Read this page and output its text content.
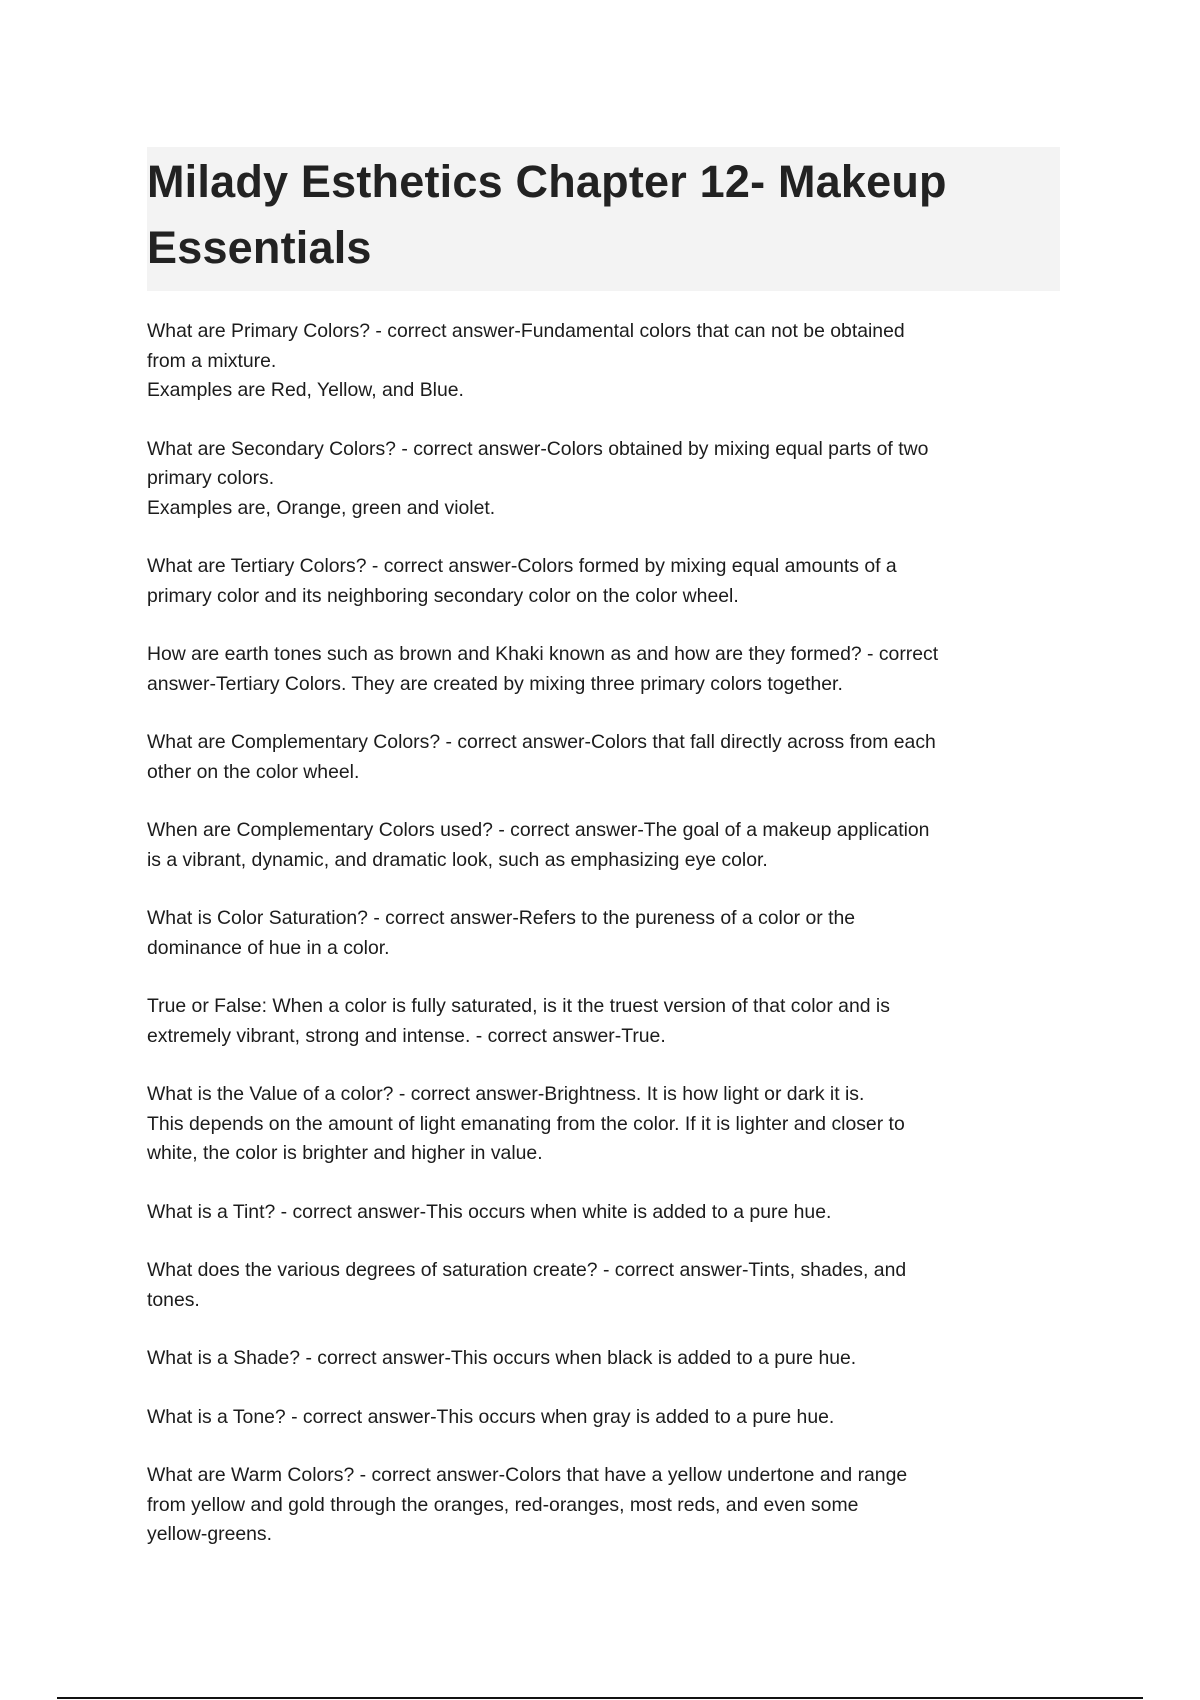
Milady Esthetics Chapter 12- Makeup Essentials

What are Primary Colors? - correct answer-Fundamental colors that can not be obtained
from a mixture.
Examples are Red, Yellow, and Blue.

What are Secondary Colors? - correct answer-Colors obtained by mixing equal parts of two
primary colors.
Examples are, Orange, green and violet.

What are Tertiary Colors? - correct answer-Colors formed by mixing equal amounts of a
primary color and its neighboring secondary color on the color wheel.

How are earth tones such as brown and Khaki known as and how are they formed? - correct
answer-Tertiary Colors. They are created by mixing three primary colors together.

What are Complementary Colors? - correct answer-Colors that fall directly across from each
other on the color wheel.

When are Complementary Colors used? - correct answer-The goal of a makeup application
is a vibrant, dynamic, and dramatic look, such as emphasizing eye color.

What is Color Saturation? - correct answer-Refers to the pureness of a color or the
dominance of hue in a color.

True or False: When a color is fully saturated, is it the truest version of that color and is
extremely vibrant, strong and intense. - correct answer-True.

What is the Value of a color? - correct answer-Brightness. It is how light or dark it is.
This depends on the amount of light emanating from the color. If it is lighter and closer to
white, the color is brighter and higher in value.

What is a Tint? - correct answer-This occurs when white is added to a pure hue.

What does the various degrees of saturation create? - correct answer-Tints, shades, and
tones.

What is a Shade? - correct answer-This occurs when black is added to a pure hue.

What is a Tone? - correct answer-This occurs when gray is added to a pure hue.

What are Warm Colors? - correct answer-Colors that have a yellow undertone and range
from yellow and gold through the oranges, red-oranges, most reds, and even some
yellow-greens.
